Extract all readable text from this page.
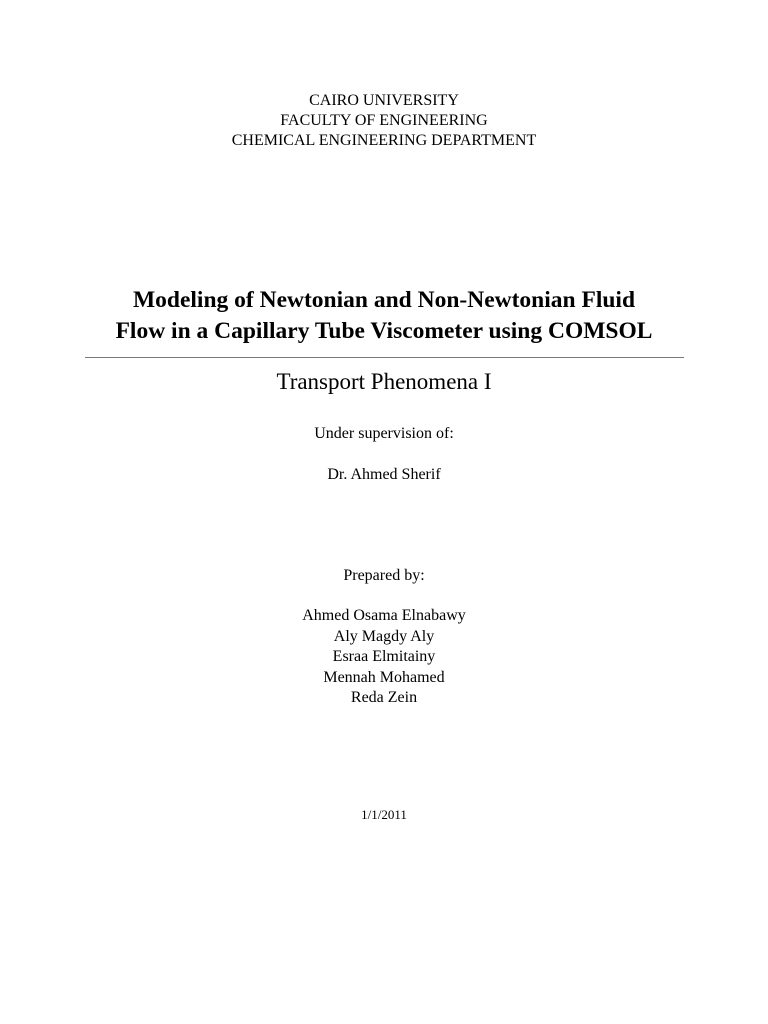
CAIRO UNIVERSITY
FACULTY OF ENGINEERING
CHEMICAL ENGINEERING DEPARTMENT
Modeling of Newtonian and Non-Newtonian Fluid
Flow in a Capillary Tube Viscometer using COMSOL
Transport Phenomena I
Under supervision of:
Dr. Ahmed Sherif
Prepared by:
Ahmed Osama Elnabawy
Aly Magdy Aly
Esraa Elmitainy
Mennah Mohamed
Reda Zein
1/1/2011
